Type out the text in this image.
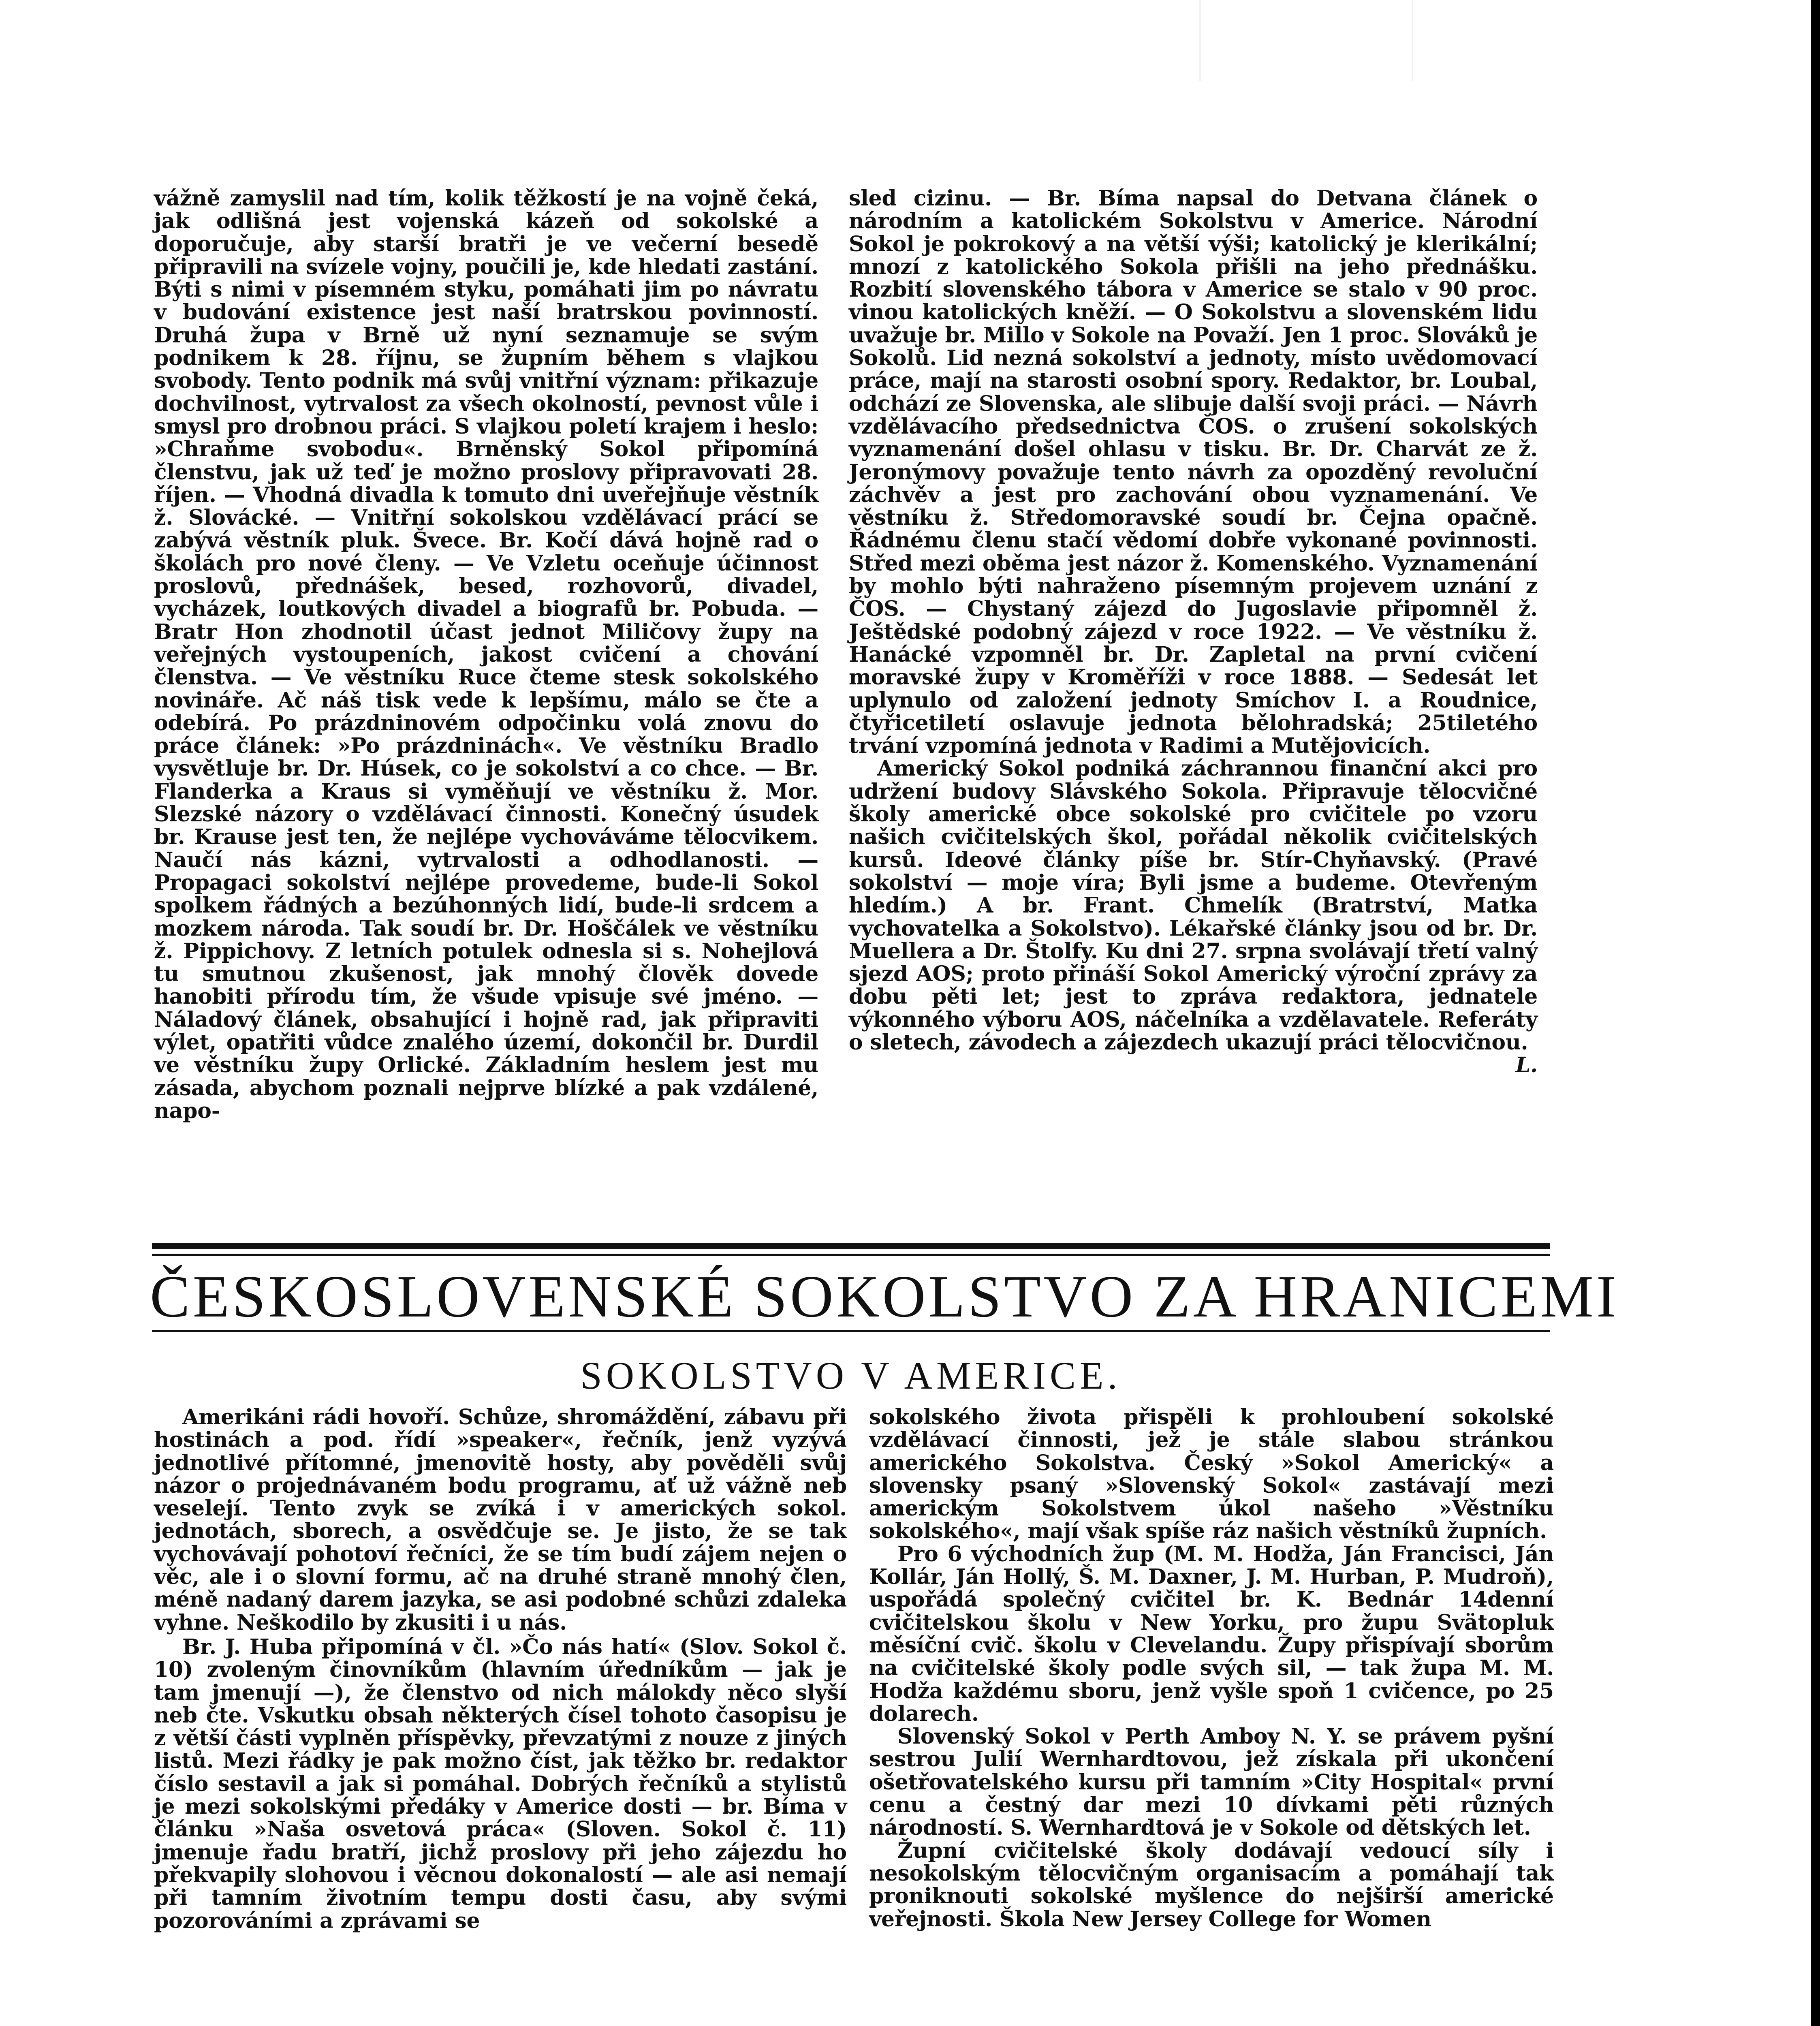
vážně zamyslil nad tím, kolik těžkostí je na vojně čeká, jak odlišná jest vojenská kázeň od sokolské a doporučuje, aby starší bratři je ve večerní besedě připravili na svízele vojny, poučili je, kde hledati zastání. Býti s nimi v písemném styku, pomáhati jim po návratu v budování existence jest naší bratrskou povinností. Druhá župa v Brně už nyní seznamuje se svým podnikem k 28. říjnu, se župním během s vlajkou svobody. Tento podnik má svůj vnitřní význam: přikazuje dochvilnost, vytrvalost za všech okolností, pevnost vůle i smysl pro drobnou práci. S vlajkou poletí krajem i heslo: »Chraňme svobodu«. Brněnský Sokol připomíná členstvu, jak už teď je možno proslovy připravovati 28. říjen. — Vhodná divadla k tomuto dni uveřejňuje věstník ž. Slovácké. — Vnitřní sokolskou vzdělávací prácí se zabývá věstník pluk. Švece. Br. Kočí dává hojně rad o školách pro nové členy. — Ve Vzletu oceňuje účinnost proslovů, přednášek, besed, rozhovorů, divadel, vycházek, loutkových divadel a biografů br. Pobuda. — Bratr Hon zhodnotil účast jednot Miličovy župy na veřejných vystoupeních, jakost cvičení a chování členstva. — Ve věstníku Ruce čteme stesk sokolského novináře. Ač náš tisk vede k lepšímu, málo se čte a odebírá. Po prázdninovém odpočinku volá znovu do práce článek: »Po prázdninách«. Ve věstníku Bradlo vysvětluje br. Dr. Húsek, co je sokolství a co chce. — Br. Flanderka a Kraus si vyměňují ve věstníku ž. Mor. Slezské názory o vzdělávací činnosti. Konečný úsudek br. Krause jest ten, že nejlépe vychováváme tělocvikem. Naučí nás kázni, vytrvalosti a odhodlanosti. — Propagaci sokolství nejlépe provedeme, bude-li Sokol spolkem řádných a bezúhonných lidí, bude-li srdcem a mozkem národa. Tak soudí br. Dr. Hoščálek ve věstníku ž. Pippichovy. Z letních potulek odnesla si s. Nohejlová tu smutnou zkušenost, jak mnohý člověk dovede hanobiti přírodu tím, že všude vpisuje své jméno. — Náladový článek, obsahující i hojně rad, jak připraviti výlet, opatřiti vůdce znalého území, dokončil br. Durdil ve věstníku župy Orlické. Základním heslem jest mu zásada, abychom poznali nejprve blízké a pak vzdálené, napo-

sled cizinu. — Br. Bíma napsal do Detvana článek o národním a katolickém Sokolstvu v Americe. Národní Sokol je pokrokový a na větší výši; katolický je klerikální; mnozí z katolického Sokola přišli na jeho přednášku. Rozbití slovenského tábora v Americe se stalo v 90 proc. vinou katolických kněží. — O Sokolstvu a slovenském lidu uvažuje br. Millo v Sokole na Považí. Jen 1 proc. Slováků je Sokolů. Lid nezná sokolství a jednoty, místo uvědomovací práce, mají na starosti osobní spory. Redaktor, br. Loubal, odchází ze Slovenska, ale slibuje další svoji práci. — Návrh vzdělávacího předsednictva ČOS. o zrušení sokolských vyznamenání došel ohlasu v tisku. Br. Dr. Charvát ze ž. Jeronýmovy považuje tento návrh za opozděný revoluční záchvěv a jest pro zachování obou vyznamenání. Ve věstníku ž. Středomoravské soudí br. Čejna opačně. Řádnému členu stačí vědomí dobře vykonané povinnosti. Střed mezi oběma jest názor ž. Komenského. Vyznamenání by mohlo býti nahraženo písemným projevem uznání z ČOS. — Chystaný zájezd do Jugoslavie připomněl ž. Ještědské podobný zájezd v roce 1922. — Ve věstníku ž. Hanácké vzpomněl br. Dr. Zapletal na první cvičení moravské župy v Kroměříži v roce 1888. — Sedesát let uplynulo od založení jednoty Smíchov I. a Roudnice, čtyřicetiletí oslavuje jednota bělohradská; 25tiletého trvání vzpomíná jednota v Radimi a Mutějovicích.

Americký Sokol podniká záchrannou finanční akci pro udržení budovy Slávského Sokola. Připravuje tělocvičné školy americké obce sokolské pro cvičitele po vzoru našich cvičitelských škol, pořádal několik cvičitelských kursů. Ideové články píše br. Stír-Chyňavský. (Pravé sokolství — moje víra; Byli jsme a budeme. Otevřeným hledím.) A br. Frant. Chmelík (Bratrství, Matka vychovatelka a Sokolstvo). Lékařské články jsou od br. Dr. Muellera a Dr. Štolfy. Ku dni 27. srpna svolávají třetí valný sjezd AOS; proto přináší Sokol Americký výroční zprávy za dobu pěti let; jest to zpráva redaktora, jednatele výkonného výboru AOS, náčelníka a vzdělavatele. Referáty o sletech, závodech a zájezdech ukazují práci tělocvičnou.

L.

ČESKOSLOVENSKÉ SOKOLSTVO ZA HRANICEMI
SOKOLSTVO V AMERICE.

Amerikáni rádi hovoří. Schůze, shromáždění, zábavu při hostinách a pod. řídí »speaker«, řečník, jenž vyzývá jednotlivé přítomné, jmenovitě hosty, aby pověděli svůj názor o projednávaném bodu programu, ať už vážně neb veselejí. Tento zvyk se zvíká i v amerických sokol. jednotách, sborech, a osvědčuje se. Je jisto, že se tak vychovávají pohotoví řečníci, že se tím budí zájem nejen o věc, ale i o slovní formu, ač na druhé straně mnohý člen, méně nadaný darem jazyka, se asi podobné schůzi zdaleka vyhne. Neškodilo by zkusiti i u nás.

Br. J. Huba připomíná v čl. »Čo nás hatí« (Slov. Sokol č. 10) zvoleným činovníkům (hlavním úředníkům — jak je tam jmenují —), že členstvo od nich málokdy něco slyší neb čte. Vskutku obsah některých čísel tohoto časopisu je z větší části vyplněn příspěvky, převzatými z nouze z jiných listů. Mezi řádky je pak možno číst, jak těžko br. redaktor číslo sestavil a jak si pomáhal. Dobrých řečníků a stylistů je mezi sokolskými předáky v Americe dosti — br. Bíma v článku »Naša osvetová práca« (Sloven. Sokol č. 11) jmenuje řadu bratří, jichž proslovy při jeho zájezdu ho překvapily slohovou i věcnou dokonalostí — ale asi nemají při tamním životním tempu dosti času, aby svými pozorováními a zprávami se

sokolského života přispěli k prohloubení sokolské vzdělávací činnosti, jež je stále slabou stránkou amerického Sokolstva. Český »Sokol Americký« a slovensky psaný »Slovenský Sokol« zastávají mezi americkým Sokolstvem úkol našeho »Věstníku sokolského«, mají však spíše ráz našich věstníků župních.

Pro 6 východních žup (M. M. Hodža, Ján Francisci, Ján Kollár, Ján Hollý, Š. M. Daxner, J. M. Hurban, P. Mudroň), uspořádá společný cvičitel br. K. Bednár 14denní cvičitelskou školu v New Yorku, pro župu Svätopluk měsíční cvič. školu v Clevelandu. Župy přispívají sborům na cvičitelské školy podle svých sil, — tak župa M. M. Hodža každému sboru, jenž vyšle spoň 1 cvičence, po 25 dolarech.

Slovenský Sokol v Perth Amboy N. Y. se právem pyšní sestrou Julií Wernhardtovou, jež získala při ukončení ošetřovatelského kursu při tamním »City Hospital« první cenu a čestný dar mezi 10 dívkami pěti různých národností. S. Wernhardtová je v Sokole od dětských let.

Župní cvičitelské školy dodávají vedoucí síly i nesokolským tělocvičným organisacím a pomáhají tak proniknouti sokolské myšlence do nejširší americké veřejnosti. Škola New Jersey College for Women
